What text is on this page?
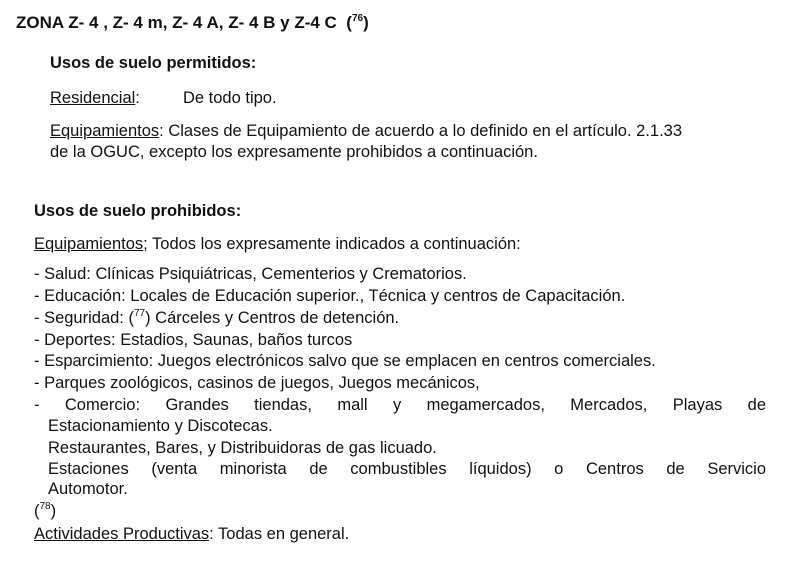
ZONA Z- 4 , Z- 4 m, Z- 4 A, Z- 4 B y Z-4 C ($^{76}$)
Usos de suelo permitidos:
Residencial:	De todo tipo.
Equipamientos: Clases de Equipamiento de acuerdo a lo definido en el artículo. 2.1.33
de la OGUC, excepto los expresamente prohibidos a continuación.
Usos de suelo prohibidos:
Equipamientos; Todos los expresamente indicados a continuación:
- Salud: Clínicas Psiquiátricas, Cementerios y Crematorios.
- Educación: Locales de Educación superior., Técnica y centros de Capacitación.
- Seguridad: ($^{77}$) Cárceles y Centros de detención.
- Deportes: Estadios, Saunas, baños turcos
- Esparcimiento: Juegos electrónicos salvo que se emplacen en centros comerciales.
- Parques zoológicos, casinos de juegos, Juegos mecánicos,
- Comercio: Grandes tiendas, mall y megamercados, Mercados, Playas de
Estacionamiento y Discotecas.
Restaurantes, Bares, y Distribuidoras de gas licuado.
Estaciones (venta minorista de combustibles líquidos) o Centros de Servicio
Automotor.
($^{78}$)
Actividades Productivas: Todas en general.
